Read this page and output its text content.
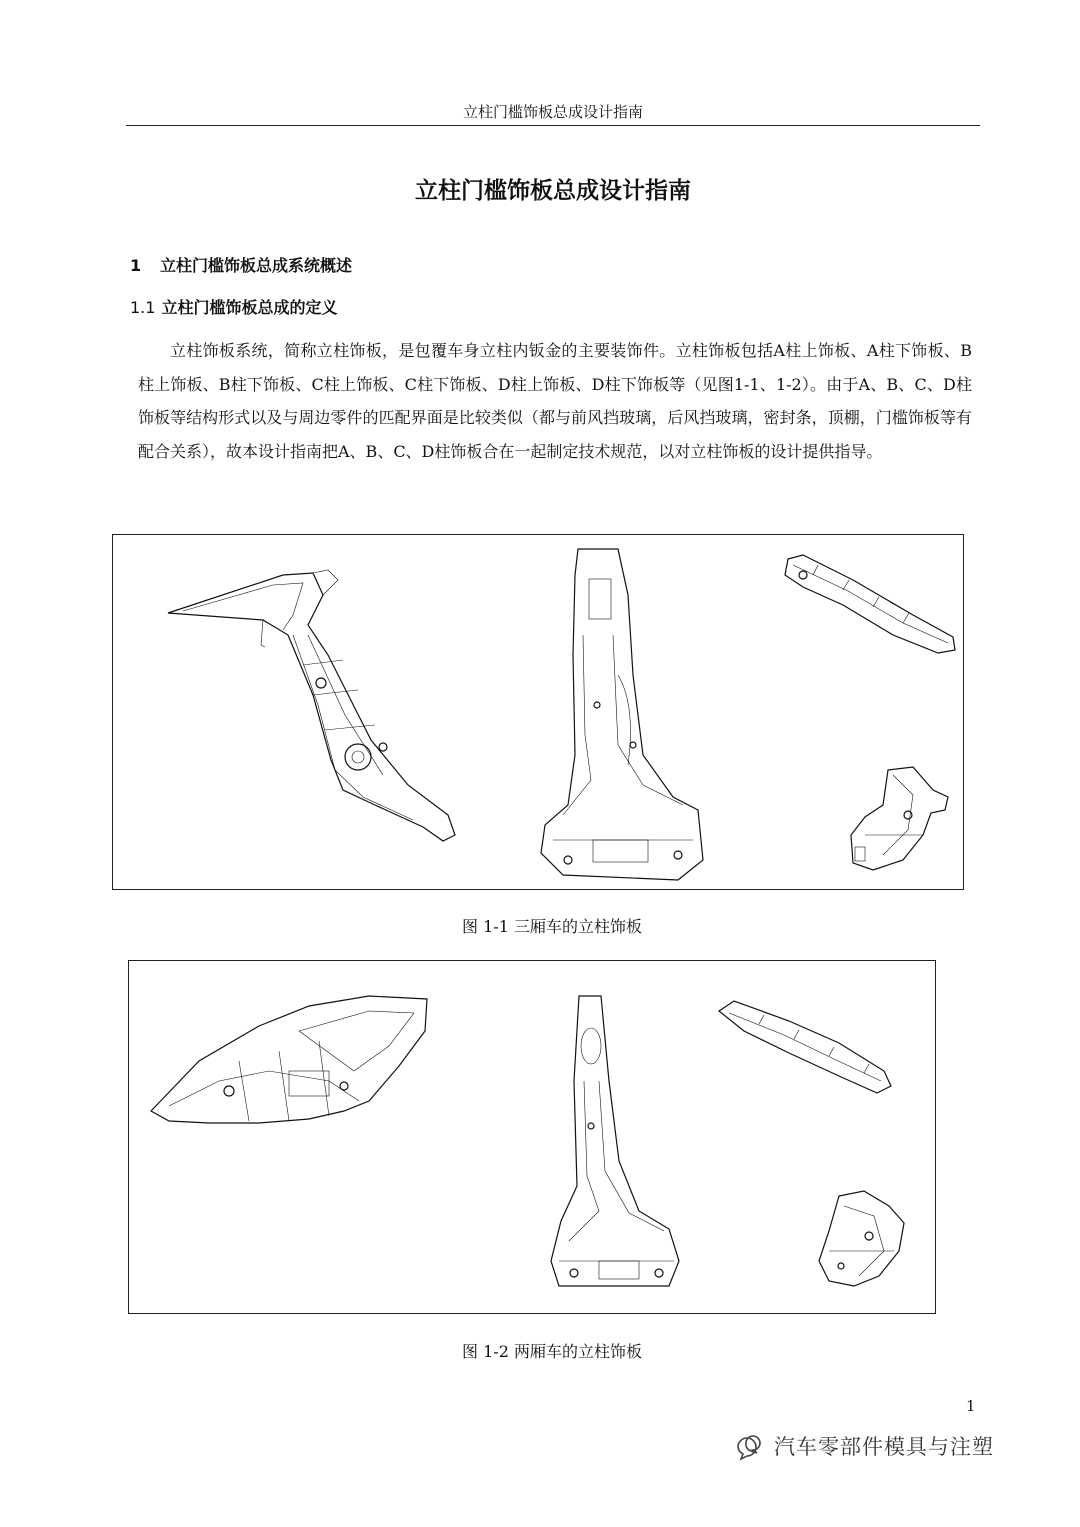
立柱门槛饰板总成设计指南
立柱门槛饰板总成设计指南
1 立柱门槛饰板总成系统概述
1.1 立柱门槛饰板总成的定义

立柱饰板系统，简称立柱饰板，是包覆车身立柱内钣金的主要装饰件。立柱饰板包括A柱上饰板、A柱下饰板、B柱上饰板、B柱下饰板、C柱上饰板、C柱下饰板、D柱上饰板、D柱下饰板等（见图1-1、1-2）。由于A、B、C、D柱饰板等结构形式以及与周边零件的匹配界面是比较类似（都与前风挡玻璃，后风挡玻璃，密封条，顶棚，门槛饰板等有配合关系），故本设计指南把A、B、C、D柱饰板合在一起制定技术规范，以对立柱饰板的设计提供指导。

图 1-1 三厢车的立柱饰板
图 1-2 两厢车的立柱饰板
1
汽车零部件模具与注塑
